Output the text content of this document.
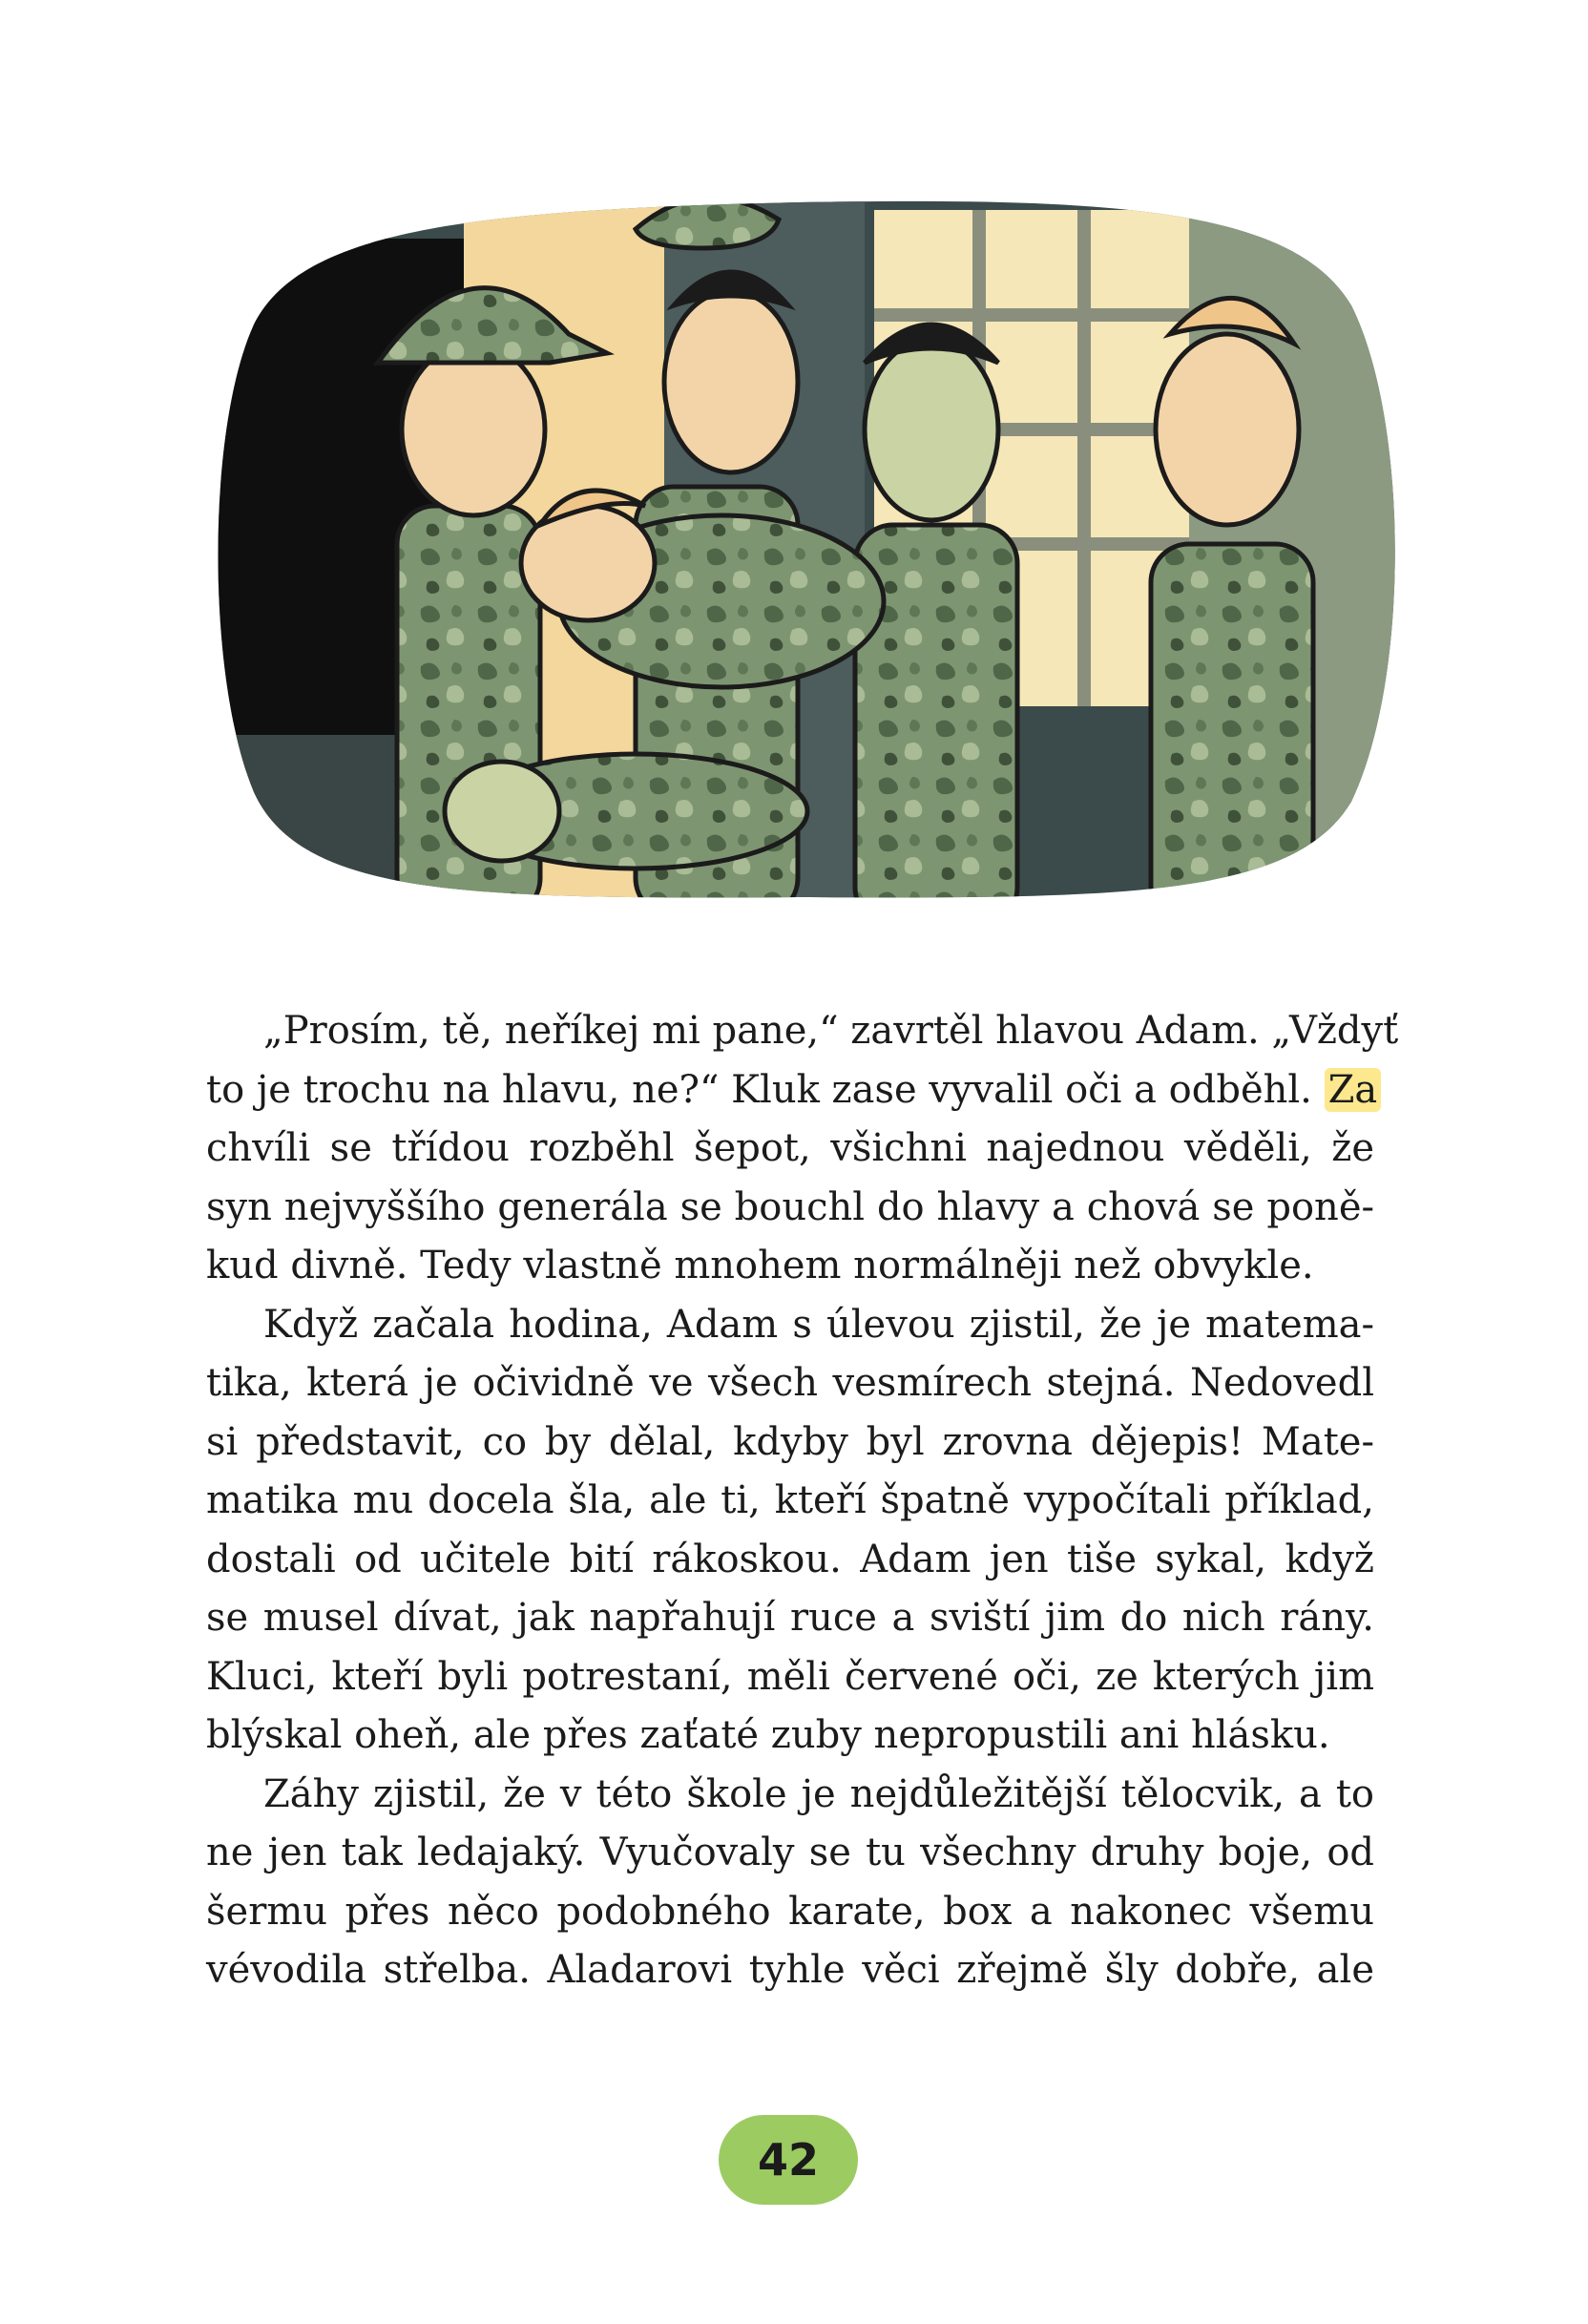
„Prosím, tě, neříkej mi pane,“ zavrtěl hlavou Adam. „Vždyť
to je trochu na hlavu, ne?“ Kluk zase vyvalil oči a odběhl. Za
chvíli se třídou rozběhl šepot, všichni najednou věděli, že
syn nejvyššího generála se bouchl do hlavy a chová se poně-
kud divně. Tedy vlastně mnohem normálněji než obvykle.
Když začala hodina, Adam s úlevou zjistil, že je matema-
tika, která je očividně ve všech vesmírech stejná. Nedovedl
si představit, co by dělal, kdyby byl zrovna dějepis! Mate-
matika mu docela šla, ale ti, kteří špatně vypočítali příklad,
dostali od učitele bití rákoskou. Adam jen tiše sykal, když
se musel dívat, jak napřahují ruce a sviští jim do nich rány.
Kluci, kteří byli potrestaní, měli červené oči, ze kterých jim
blýskal oheň, ale přes zaťaté zuby nepropustili ani hlásku.
Záhy zjistil, že v této škole je nejdůležitější tělocvik, a to
ne jen tak ledajaký. Vyučovaly se tu všechny druhy boje, od
šermu přes něco podobného karate, box a nakonec všemu
vévodila střelba. Aladarovi tyhle věci zřejmě šly dobře, ale
42
